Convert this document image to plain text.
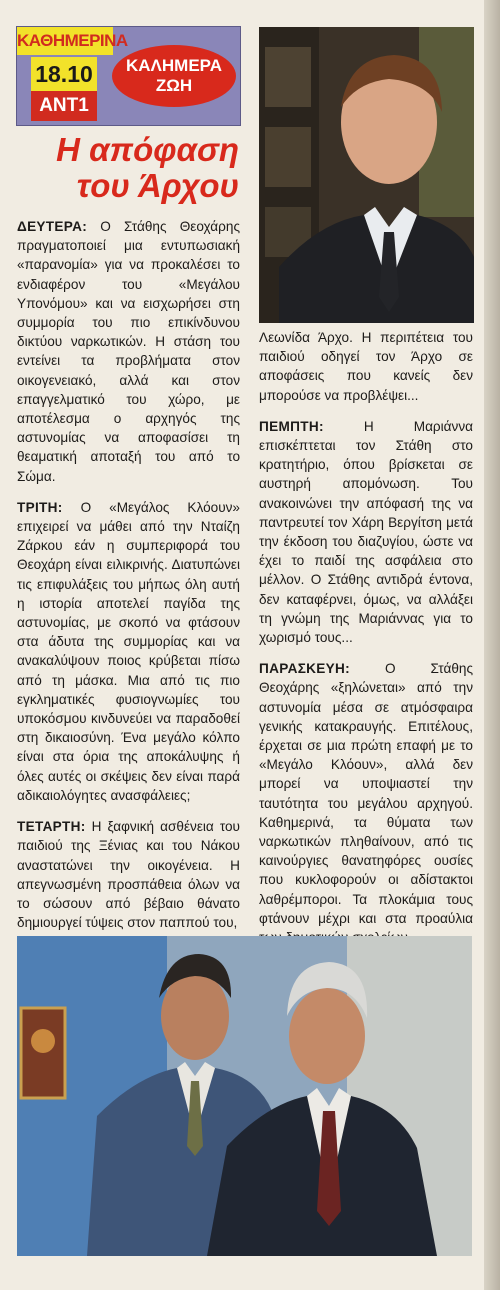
ΚΑΘΗΜΕΡΙΝΑ
18.10
ANT1
ΚΑΛΗΜΕΡΑ
ΖΩΗ
Η απόφαση
του Άρχου

ΔΕΥΤΕΡΑ: Ο Στάθης Θεοχάρης πραγματοποιεί μια εντυπωσιακή «παρανομία» για να προκαλέσει το ενδιαφέρον του «Μεγάλου Υπονόμου» και να εισχωρήσει στη συμμορία του πιο επικίνδυνου δικτύου ναρκωτικών. Η στάση του εντείνει τα προβλήματα στον οικογενειακό, αλλά και στον επαγγελματικό του χώρο, με αποτέλεσμα ο αρχηγός της αστυνομίας να αποφασίσει τη θεαματική αποταξή του από το Σώμα.

ΤΡΙΤΗ: Ο «Μεγάλος Κλόουν» επιχειρεί να μάθει από την Νταίζη Ζάρκου εάν η συμπεριφορά του Θεοχάρη είναι ειλικρινής. Διατυπώνει τις επιφυλάξεις του μήπως όλη αυτή η ιστορία αποτελεί παγίδα της αστυνομίας, με σκοπό να φτάσουν στα άδυτα της συμμορίας και να ανακαλύψουν ποιος κρύβεται πίσω από τη μάσκα. Μια από τις πιο εγκληματικές φυσιογνωμίες του υποκόσμου κινδυνεύει να παραδοθεί στη δικαιοσύνη. Ένα μεγάλο κόλπο είναι στα όρια της αποκάλυψης ή όλες αυτές οι σκέψεις δεν είναι παρά αδικαιολόγητες ανασφάλειες;

ΤΕΤΑΡΤΗ: Η ξαφνική ασθένεια του παιδιού της Ξένιας και του Νάκου αναστατώνει την οικογένεια. Η απεγνωσμένη προσπάθεια όλων να το σώσουν από βέβαιο θάνατο δημιουργεί τύψεις στον παππού του,

Λεωνίδα Άρχο. Η περιπέτεια του παιδιού οδηγεί τον Άρχο σε αποφάσεις που κανείς δεν μπορούσε να προβλέψει...

ΠΕΜΠΤΗ: Η Μαριάννα επισκέπτεται τον Στάθη στο κρατητήριο, όπου βρίσκεται σε αυστηρή απομόνωση. Του ανακοινώνει την απόφασή της να παντρευτεί τον Χάρη Βεργίτση μετά την έκδοση του διαζυγίου, ώστε να έχει το παιδί της ασφάλεια στο μέλλον. Ο Στάθης αντιδρά έντονα, δεν καταφέρνει, όμως, να αλλάξει τη γνώμη της Μαριάννας για το χωρισμό τους...

ΠΑΡΑΣΚΕΥΗ:	Ο Στάθης Θεοχάρης «ξηλώνεται» από την αστυνομία μέσα σε ατμόσφαιρα γενικής κατακραυγής. Επιτέλους, έρχεται σε μια πρώτη επαφή με το «Μεγάλο Κλόουν», αλλά δεν μπορεί να υποψιαστεί την ταυτότητα του μεγάλου αρχηγού. Καθημερινά, τα θύματα των ναρκωτικών πληθαίνουν, από τις καινούργιες θανατηφόρες ουσίες που κυκλοφορούν οι αδίστακτοι λαθρέμποροι. Τα πλοκάμια τους φτάνουν μέχρι και στα προαύλια
